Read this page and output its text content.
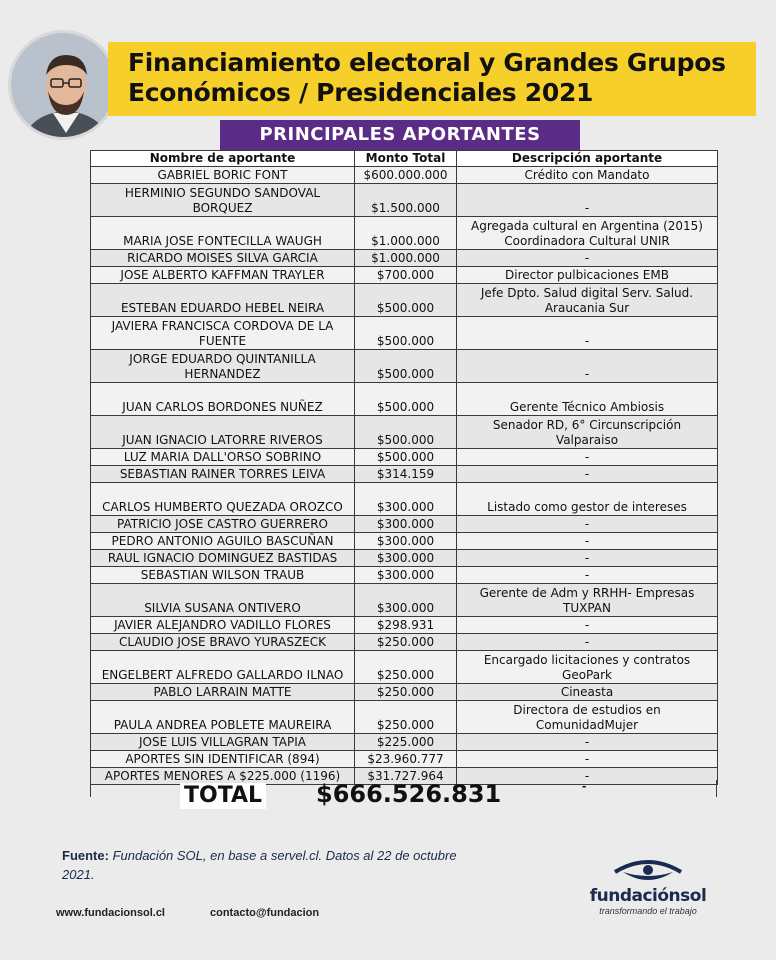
Financiamiento electoral y Grandes Grupos
Económicos / Presidenciales 2021
PRINCIPALES APORTANTES
Nombre de aportante	Monto Total	Descripción aportante
GABRIEL BORIC FONT	$600.000.000	Crédito con Mandato
HERMINIO SEGUNDO SANDOVAL BORQUEZ	$1.500.000	-
MARIA JOSE FONTECILLA WAUGH	$1.000.000	Agregada cultural en Argentina (2015) Coordinadora Cultural UNIR
RICARDO MOISES SILVA GARCIA	$1.000.000	-
JOSE ALBERTO KAFFMAN TRAYLER	$700.000	Director pulbicaciones EMB
ESTEBAN EDUARDO HEBEL NEIRA	$500.000	Jefe Dpto. Salud digital Serv. Salud. Araucania Sur
JAVIERA FRANCISCA CORDOVA DE LA FUENTE	$500.000	-
JORGE EDUARDO QUINTANILLA HERNANDEZ	$500.000	-
JUAN CARLOS BORDONES NUÑEZ	$500.000	Gerente Técnico Ambiosis
JUAN IGNACIO LATORRE RIVEROS	$500.000	Senador RD, 6° Circunscripción Valparaiso
LUZ MARIA DALL'ORSO SOBRINO	$500.000	-
SEBASTIAN RAINER TORRES LEIVA	$314.159	-
CARLOS HUMBERTO QUEZADA OROZCO	$300.000	Listado como gestor de intereses
PATRICIO JOSE CASTRO GUERRERO	$300.000	-
PEDRO ANTONIO AGUILO BASCUÑAN	$300.000	-
RAUL IGNACIO DOMINGUEZ BASTIDAS	$300.000	-
SEBASTIAN WILSON TRAUB	$300.000	-
SILVIA SUSANA ONTIVERO	$300.000	Gerente de Adm y RRHH- Empresas TUXPAN
JAVIER ALEJANDRO VADILLO FLORES	$298.931	-
CLAUDIO JOSE BRAVO YURASZECK	$250.000	-
ENGELBERT ALFREDO GALLARDO ILNAO	$250.000	Encargado licitaciones y contratos GeoPark
PABLO LARRAIN MATTE	$250.000	Cineasta
PAULA ANDREA POBLETE MAUREIRA	$250.000	Directora de estudios en ComunidadMujer
JOSE LUIS VILLAGRAN TAPIA	$225.000	-
APORTES SIN IDENTIFICAR (894)	$23.960.777	-
APORTES MENORES A $225.000 (1196)	$31.727.964	-
TOTAL $666.526.831	-
Fuente: Fundación SOL, en base a servel.cl. Datos al 22 de octubre 2021.
www.fundacionsol.cl	contacto@fundacion
fundaciónsol
transformando el trabajo
